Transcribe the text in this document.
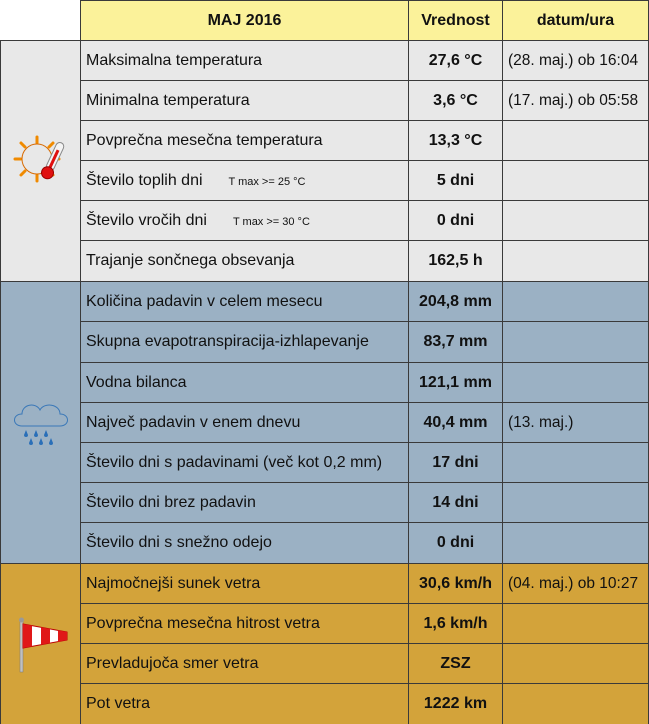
	MAJ 2016	Vrednost	datum/ura

	Maksimalna temperatura	27,6 °C	(28. maj.) ob 16:04
	Minimalna temperatura	3,6 °C	(17. maj.) ob 05:58
	Povprečna mesečna temperatura	13,3 °C	
	Število toplih dni T max >= 25 °C	5 dni	
	Število vročih dni T max >= 30 °C	0 dni	
	Trajanje sončnega obsevanja	162,5 h	

	Količina padavin v celem mesecu	204,8 mm	
	Skupna evapotranspiracija-izhlapevanje	83,7 mm	
	Vodna bilanca	121,1 mm	
	Največ padavin v enem dnevu	40,4 mm	(13. maj.)
	Število dni s padavinami (več kot 0,2 mm)	17 dni	
	Število dni brez padavin	14 dni	
	Število dni s snežno odejo	0 dni	

	Najmočnejši sunek vetra	30,6 km/h	(04. maj.) ob 10:27
	Povprečna mesečna hitrost vetra	1,6 km/h	
	Prevladujoča smer vetra	ZSZ	
	Pot vetra	1222 km	
